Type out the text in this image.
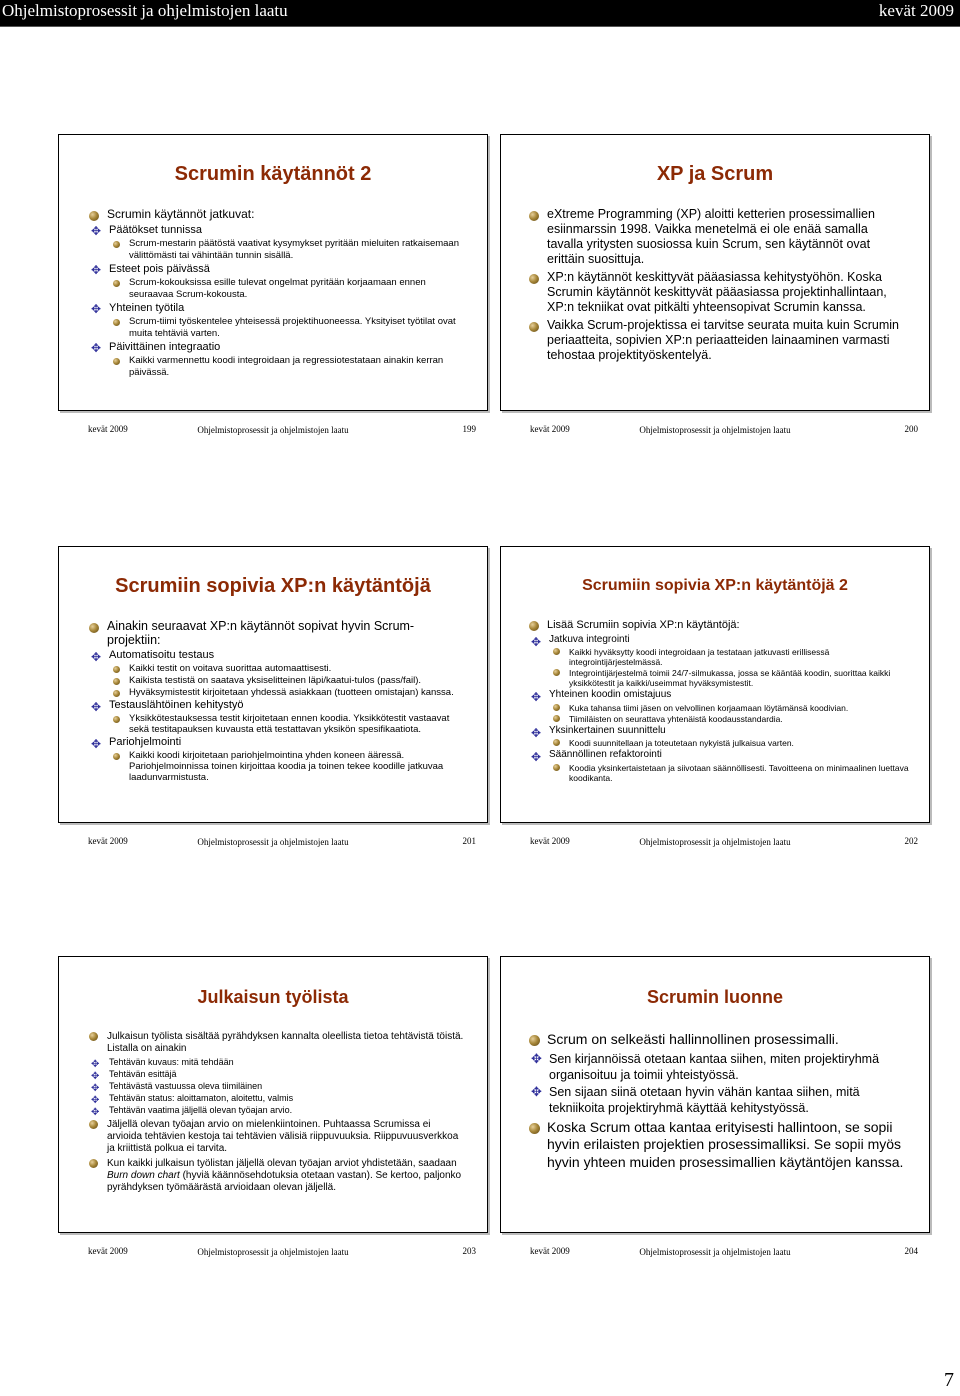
Ohjelmistoprosessit ja ohjelmistojen laatu	kevät 2009
Scrumin käytännöt 2
Scrumin käytännöt jatkuvat:
✥ Päätökset tunnissa
Scrum-mestarin päätöstä vaativat kysymykset pyritään mieluiten ratkaisemaan välittömästi tai vähintään tunnin sisällä.
✥ Esteet pois päivässä
Scrum-kokouksissa esille tulevat ongelmat pyritään korjaamaan ennen seuraavaa Scrum-kokousta.
✥ Yhteinen työtila
Scrum-tiimi työskentelee yhteisessä projektihuoneessa. Yksityiset työtilat ovat muita tehtäviä varten.
✥ Päivittäinen integraatio
Kaikki varmennettu koodi integroidaan ja regressiotestataan ainakin kerran päivässä.
kevät 2009	Ohjelmistoprosessit ja ohjelmistojen laatu	199
XP ja Scrum
eXtreme Programming (XP) aloitti ketterien prosessimallien esiinmarssin 1998. Vaikka menetelmä ei ole enää samalla tavalla yritysten suosiossa kuin Scrum, sen käytännöt ovat erittäin suosittuja.
XP:n käytännöt keskittyvät pääasiassa kehitystyöhön. Koska Scrumin käytännöt keskittyvät pääasiassa projektinhallintaan, XP:n tekniikat ovat pitkälti yhteensopivat Scrumin kanssa.
Vaikka Scrum-projektissa ei tarvitse seurata muita kuin Scrumin periaatteita, sopivien XP:n periaatteiden lainaaminen varmasti tehostaa projektityöskentelyä.
kevät 2009	Ohjelmistoprosessit ja ohjelmistojen laatu	200
Scrumiin sopivia XP:n käytäntöjä
Ainakin seuraavat XP:n käytännöt sopivat hyvin Scrum-projektiin:
✥ Automatisoitu testaus
Kaikki testit on voitava suorittaa automaattisesti.
Kaikista testistä on saatava yksiselitteinen läpi/kaatui-tulos (pass/fail).
Hyväksymistestit kirjoitetaan yhdessä asiakkaan (tuotteen omistajan) kanssa.
✥ Testauslähtöinen kehitystyö
Yksikkötestauksessa testit kirjoitetaan ennen koodia. Yksikkötestit vastaavat sekä testitapauksen kuvausta että testattavan yksikön spesifikaatiota.
✥ Pariohjelmointi
Kaikki koodi kirjoitetaan pariohjelmointina yhden koneen ääressä. Pariohjelmoinnissa toinen kirjoittaa koodia ja toinen tekee koodille jatkuvaa laadunvarmistusta.
kevät 2009	Ohjelmistoprosessit ja ohjelmistojen laatu	201
Scrumiin sopivia XP:n käytäntöjä 2
Lisää Scrumiin sopivia XP:n käytäntöjä:
✥ Jatkuva integrointi
Kaikki hyväksytty koodi integroidaan ja testataan jatkuvasti erillisessä integrointijärjestelmässä.
Integrointijärjestelmä toimii 24/7-silmukassa, jossa se kääntää koodin, suorittaa kaikki yksikkötestit ja kaikki/useimmat hyväksymistestit.
✥ Yhteinen koodin omistajuus
Kuka tahansa tiimi jäsen on velvollinen korjaamaan löytämänsä koodivian.
Tiimiläisten on seurattava yhtenäistä koodausstandardia.
✥ Yksinkertainen suunnittelu
Koodi suunnitellaan ja toteutetaan nykyistä julkaisua varten.
✥ Säännöllinen refaktorointi
Koodia yksinkertaistetaan ja siivotaan säännöllisesti. Tavoitteena on minimaalinen luettava koodikanta.
kevät 2009	Ohjelmistoprosessit ja ohjelmistojen laatu	202
Julkaisun työlista
Julkaisun työlista sisältää pyrähdyksen kannalta oleellista tietoa tehtävistä töistä. Listalla on ainakin
✥ Tehtävän kuvaus: mitä tehdään
✥ Tehtävän esittäjä
✥ Tehtävästä vastuussa oleva tiimiläinen
✥ Tehtävän status: aloittamaton, aloitettu, valmis
✥ Tehtävän vaatima jäljellä olevan työajan arvio.
Jäljellä olevan työajan arvio on mielenkiintoinen. Puhtaassa Scrumissa ei arvioida tehtävien kestoja tai tehtävien välisiä riippuvuuksia. Riippuvuusverkkoa ja kriittistä polkua ei tarvita.
Kun kaikki julkaisun työlistan jäljellä olevan työajan arviot yhdistetään, saadaan Burn down chart (hyviä käännösehdotuksia otetaan vastan). Se kertoo, paljonko pyrähdyksen työmäärästä arvioidaan olevan jäljellä.
kevät 2009	Ohjelmistoprosessit ja ohjelmistojen laatu	203
Scrumin luonne
Scrum on selkeästi hallinnollinen prosessimalli.
✥ Sen kirjannöissä otetaan kantaa siihen, miten projektiryhmä organisoituu ja toimii yhteistyössä.
✥ Sen sijaan siinä otetaan hyvin vähän kantaa siihen, mitä tekniikoita projektiryhmä käyttää kehitystyössä.
Koska Scrum ottaa kantaa erityisesti hallintoon, se sopii hyvin erilaisten projektien prosessimalliksi. Se sopii myös hyvin yhteen muiden prosessimallien käytäntöjen kanssa.
kevät 2009	Ohjelmistoprosessit ja ohjelmistojen laatu	204
7
